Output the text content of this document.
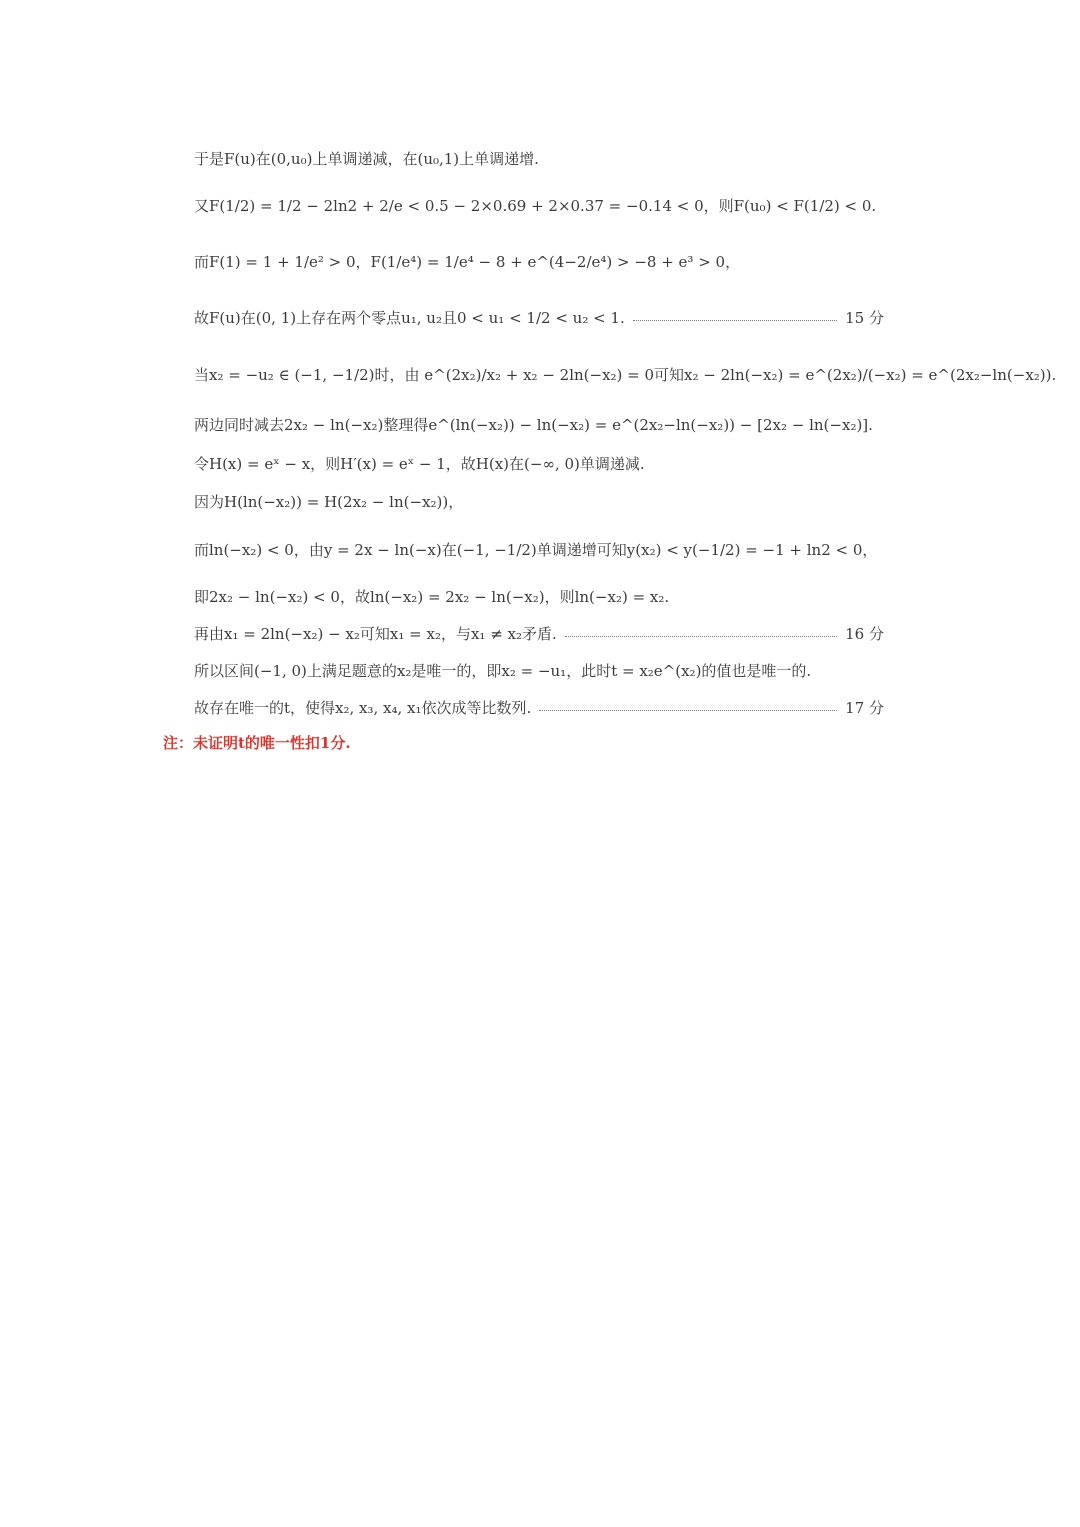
于是F(u)在(0,u₀)上单调递减，在(u₀,1)上单调递增.
又F(1/2) = 1/2 − 2ln2 + 2/e < 0.5 − 2×0.69 + 2×0.37 = −0.14 < 0，则F(u₀) < F(1/2) < 0.
而F(1) = 1 + 1/e² > 0，F(1/e⁴) = 1/e⁴ − 8 + e^(4−2/e⁴) > −8 + e³ > 0，
故F(u)在(0, 1)上存在两个零点u₁, u₂且0 < u₁ < 1/2 < u₂ < 1.	15 分
当x₂ = −u₂ ∈ (−1, −1/2)时，由 e^(2x₂)/x₂ + x₂ − 2ln(−x₂) = 0可知x₂ − 2ln(−x₂) = e^(2x₂)/(−x₂) = e^(2x₂−ln(−x₂)).
两边同时减去2x₂ − ln(−x₂)整理得e^(ln(−x₂)) − ln(−x₂) = e^(2x₂−ln(−x₂)) − [2x₂ − ln(−x₂)].
令H(x) = eˣ − x，则H′(x) = eˣ − 1，故H(x)在(−∞, 0)单调递减.
因为H(ln(−x₂)) = H(2x₂ − ln(−x₂))，
而ln(−x₂) < 0，由y = 2x − ln(−x)在(−1, −1/2)单调递增可知y(x₂) < y(−1/2) = −1 + ln2 < 0，
即2x₂ − ln(−x₂) < 0，故ln(−x₂) = 2x₂ − ln(−x₂)，则ln(−x₂) = x₂.
再由x₁ = 2ln(−x₂) − x₂可知x₁ = x₂，与x₁ ≠ x₂矛盾.	16 分
所以区间(−1, 0)上满足题意的x₂是唯一的，即x₂ = −u₁，此时t = x₂e^(x₂)的值也是唯一的.
故存在唯一的t，使得x₂, x₃, x₄, x₁依次成等比数列.	17 分
注：未证明t的唯一性扣1分.
